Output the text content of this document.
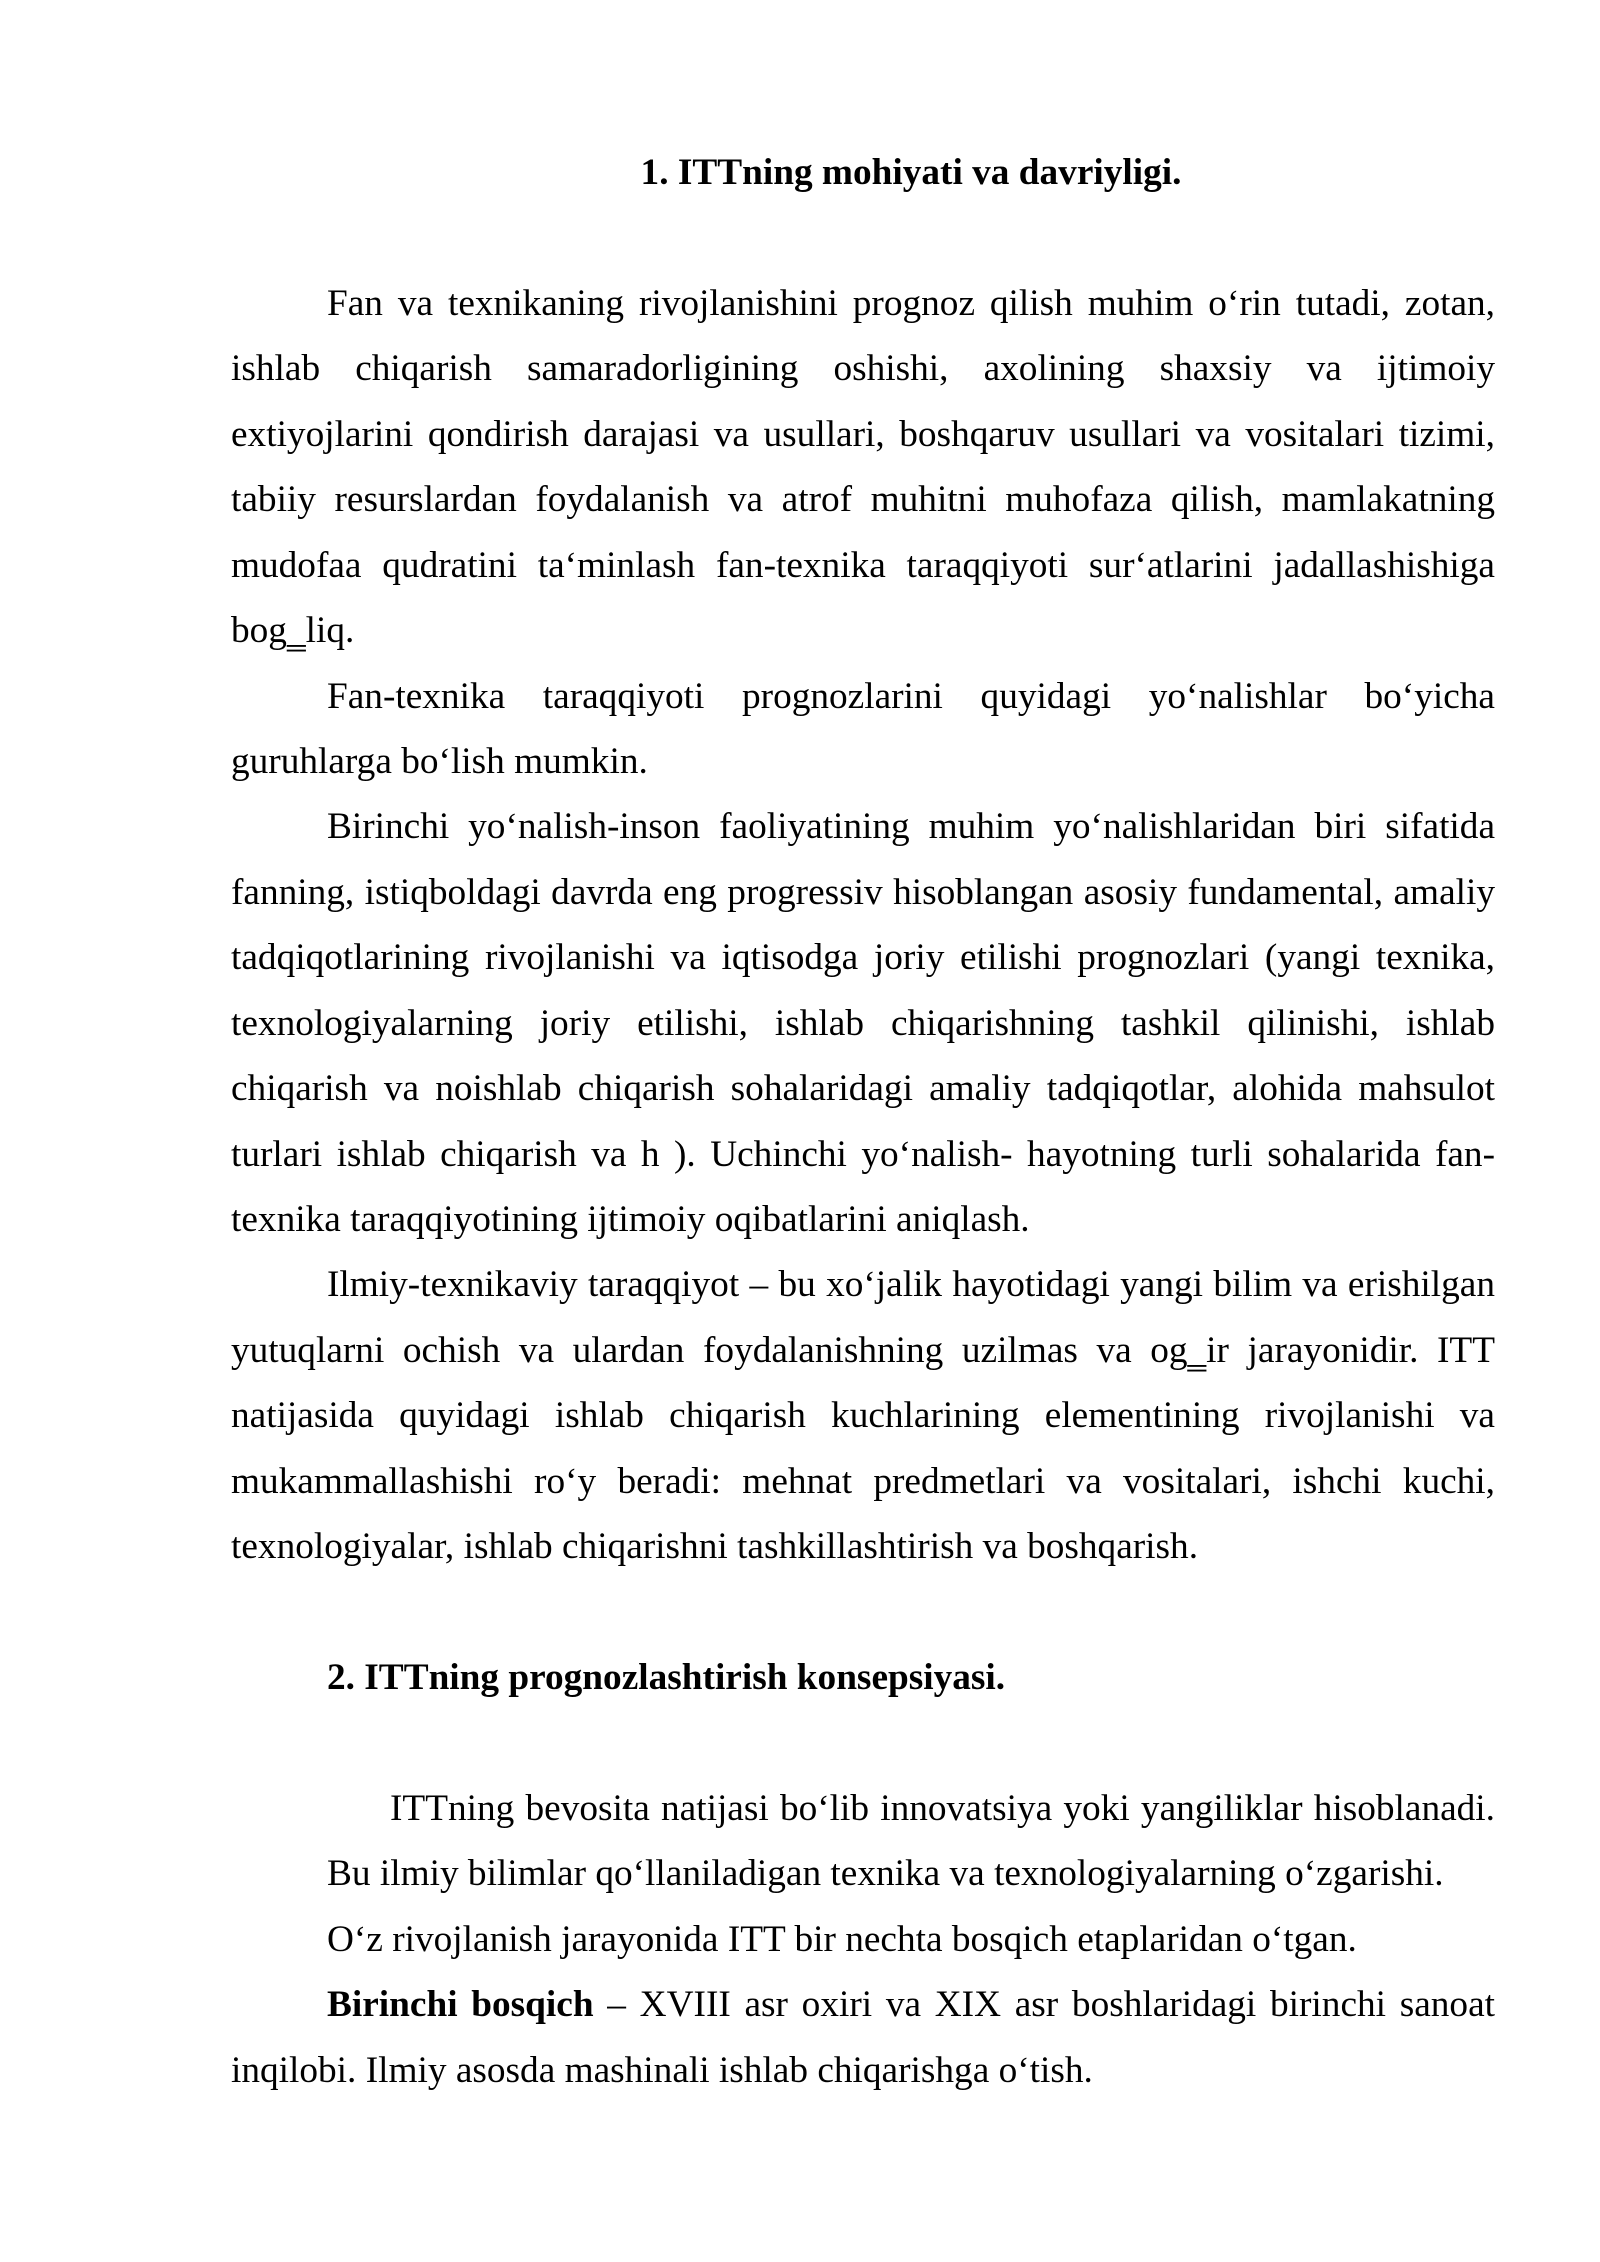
1. ITTning mohiyati va davriyligi.
Fan va texnikaning rivojlanishini prognoz qilish muhim o‘rin tutadi, zotan,
ishlab chiqarish samaradorligining oshishi, axolining shaxsiy va ijtimoiy
extiyojlarini qondirish darajasi va usullari, boshqaruv usullari va vositalari tizimi,
tabiiy resurslardan foydalanish va atrof muhitni muhofaza qilish, mamlakatning
mudofaa qudratini ta‘minlash fan-texnika taraqqiyoti sur‘atlarini jadallashishiga
bog‗liq.
Fan-texnika taraqqiyoti prognozlarini quyidagi yo‘nalishlar bo‘yicha
guruhlarga bo‘lish mumkin.
Birinchi yo‘nalish-inson faoliyatining muhim yo‘nalishlaridan biri sifatida
fanning, istiqboldagi davrda eng progressiv hisoblangan asosiy fundamental, amaliy
tadqiqotlarining rivojlanishi va iqtisodga joriy etilishi prognozlari (yangi texnika,
texnologiyalarning joriy etilishi, ishlab chiqarishning tashkil qilinishi, ishlab
chiqarish va noishlab chiqarish sohalaridagi amaliy tadqiqotlar, alohida mahsulot
turlari ishlab chiqarish va h ). Uchinchi yo‘nalish- hayotning turli sohalarida fan-
texnika taraqqiyotining ijtimoiy oqibatlarini aniqlash.
Ilmiy-texnikaviy taraqqiyot – bu xo‘jalik hayotidagi yangi bilim va erishilgan
yutuqlarni ochish va ulardan foydalanishning uzilmas va og‗ir jarayonidir. ITT
natijasida quyidagi ishlab chiqarish kuchlarining elementining rivojlanishi va
mukammallashishi ro‘y beradi: mehnat predmetlari va vositalari, ishchi kuchi,
texnologiyalar, ishlab chiqarishni tashkillashtirish va boshqarish.
2. ITTning prognozlashtirish konsepsiyasi.
ITTning bevosita natijasi bo‘lib innovatsiya yoki yangiliklar hisoblanadi.
Bu ilmiy bilimlar qo‘llaniladigan texnika va texnologiyalarning o‘zgarishi.
O‘z rivojlanish jarayonida ITT bir nechta bosqich etaplaridan o‘tgan.
Birinchi bosqich – XVIII asr oxiri va XIX asr boshlaridagi birinchi sanoat
inqilobi. Ilmiy asosda mashinali ishlab chiqarishga o‘tish.
